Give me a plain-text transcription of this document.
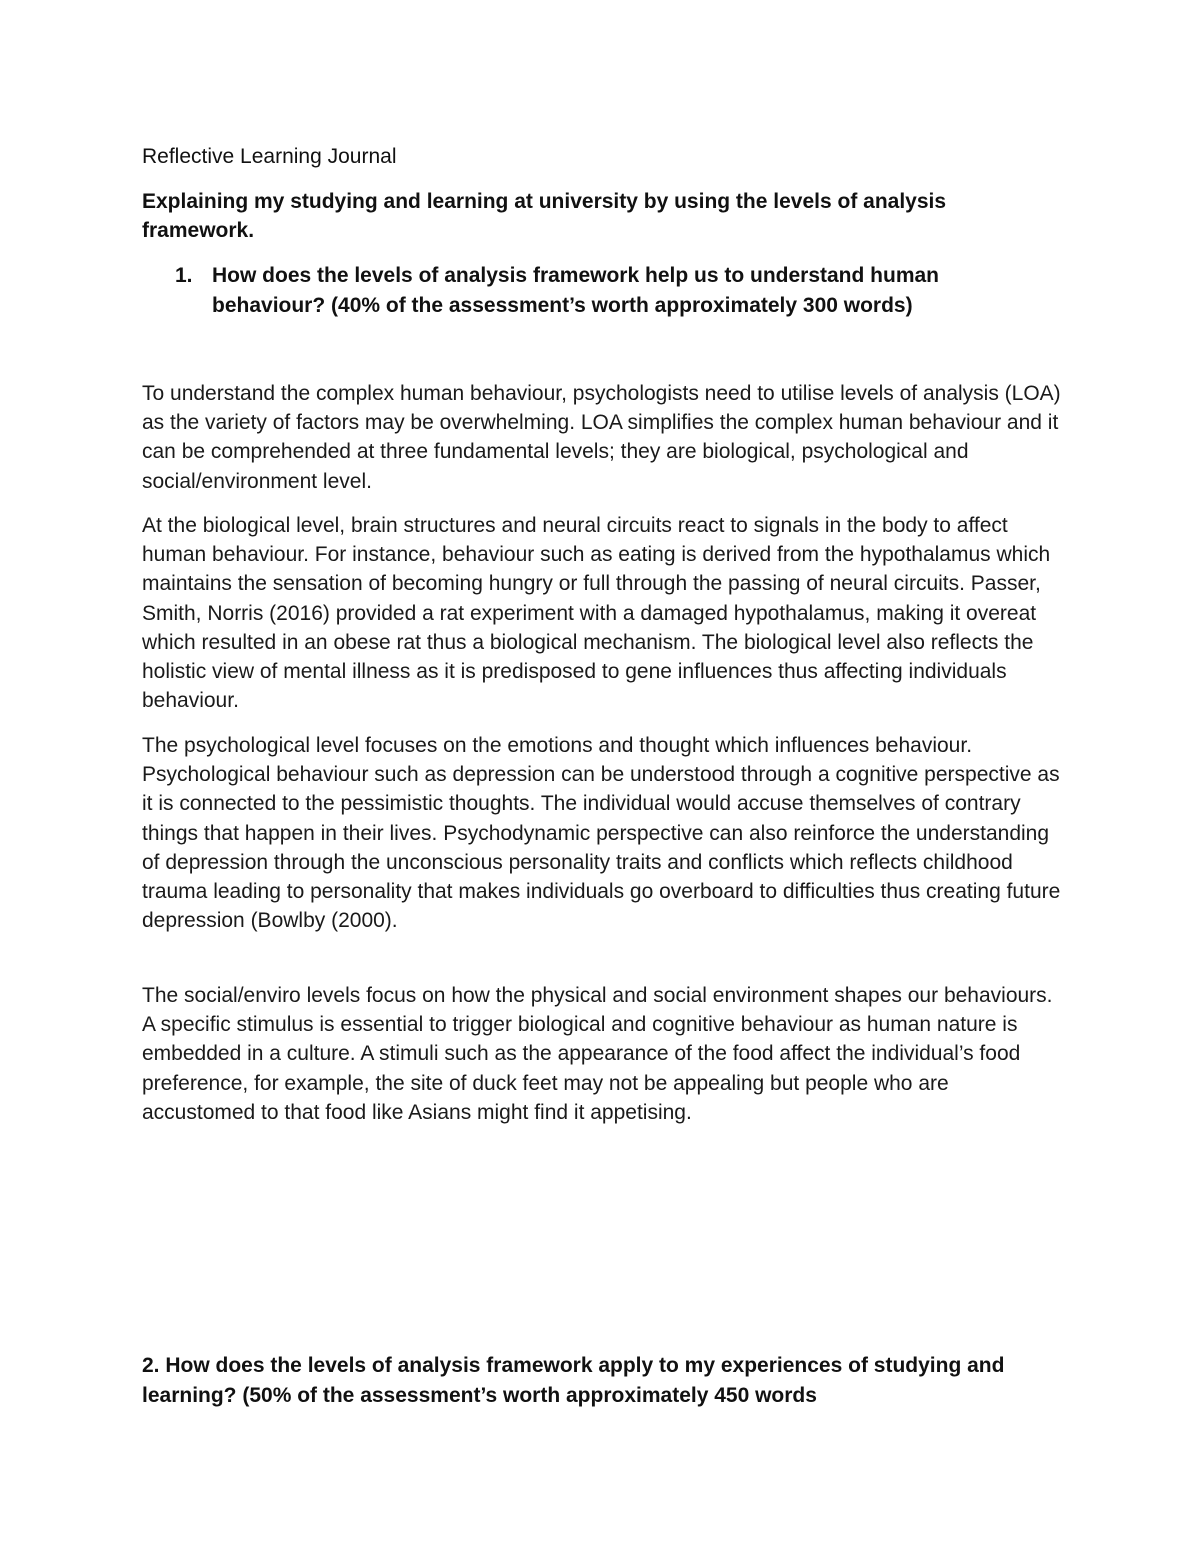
Reflective Learning Journal

Explaining my studying and learning at university by using the levels of analysis framework.

1. How does the levels of analysis framework help us to understand human behaviour? (40% of the assessment’s worth approximately 300 words)

To understand the complex human behaviour, psychologists need to utilise levels of analysis (LOA) as the variety of factors may be overwhelming. LOA simplifies the complex human behaviour and it can be comprehended at three fundamental levels; they are biological, psychological and social/environment level.

At the biological level, brain structures and neural circuits react to signals in the body to affect human behaviour. For instance, behaviour such as eating is derived from the hypothalamus which maintains the sensation of becoming hungry or full through the passing of neural circuits. Passer, Smith, Norris (2016) provided a rat experiment with a damaged hypothalamus, making it overeat which resulted in an obese rat thus a biological mechanism. The biological level also reflects the holistic view of mental illness as it is predisposed to gene influences thus affecting individuals behaviour.

The psychological level focuses on the emotions and thought which influences behaviour. Psychological behaviour such as depression can be understood through a cognitive perspective as it is connected to the pessimistic thoughts. The individual would accuse themselves of contrary things that happen in their lives. Psychodynamic perspective can also reinforce the understanding of depression through the unconscious personality traits and conflicts which reflects childhood trauma leading to personality that makes individuals go overboard to difficulties thus creating future depression (Bowlby (2000).

The social/enviro levels focus on how the physical and social environment shapes our behaviours. A specific stimulus is essential to trigger biological and cognitive behaviour as human nature is embedded in a culture. A stimuli such as the appearance of the food affect the individual’s food preference, for example, the site of duck feet may not be appealing but people who are accustomed to that food like Asians might find it appetising.

2. How does the levels of analysis framework apply to my experiences of studying and learning? (50% of the assessment’s worth approximately 450 words
